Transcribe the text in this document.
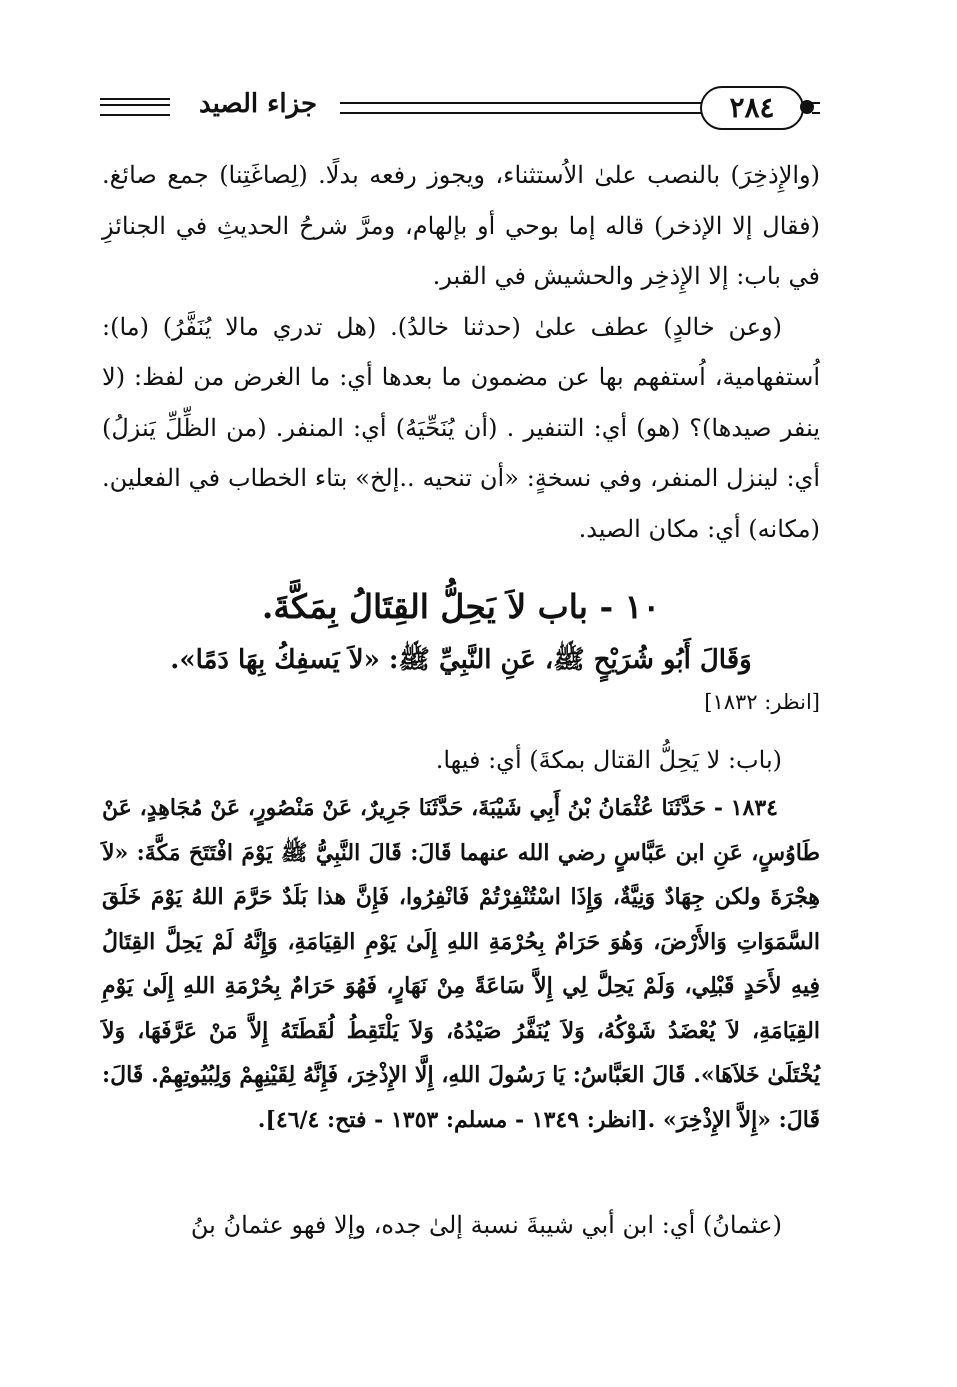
جزاء الصيد	٢٨٤

(والإِذخِرَ) بالنصب علىٰ الاُستثناء، ويجوز رفعه بدلًا. (لِصاغَتِنا) جمع صائغ. (فقال إلا الإذخر) قاله إما بوحي أو بإلهام، ومرَّ شرحُ الحديثِ في الجنائزِ في باب: إلا الإِذخِر والحشيش في القبر.

(وعن خالدٍ) عطف علىٰ (حدثنا خالدُ). (هل تدري مالا يُنَفَّرُ) (ما): اُستفهامية، اُستفهم بها عن مضمون ما بعدها أي: ما الغرض من لفظ: (لا ينفر صيدها)؟ (هو) أي: التنفير . (أن يُنَحِّيَهُ) أي: المنفر. (من الظِّلِّ يَنزلُ) أي: لينزل المنفر، وفي نسخةٍ: «أن تنحيه ..إلخ» بتاء الخطاب في الفعلين. (مكانه) أي: مكان الصيد.

١٠ - باب لاَ يَحِلُّ القِتَالُ بِمَكَّةَ.
وَقَالَ أَبُو شُرَيْحٍ ﷺ، عَنِ النَّبِيِّ ﷺ: «لاَ يَسفِكُ بِهَا دَمًا».
[انظر: ١٨٣٢]
(باب: لا يَحِلُّ القتال بمكةَ) أي: فيها.

١٨٣٤ - حَدَّثَنَا عُثْمَانُ بْنُ أَبِي شَيْبَةَ، حَدَّثَنَا جَرِيرٌ، عَنْ مَنْصُورٍ، عَنْ مُجَاهِدٍ، عَنْ طَاوُسٍ، عَنِ ابن عَبَّاسٍ رضي الله عنهما قَالَ: قَالَ النَّبِيُّ ﷺ يَوْمَ افْتَتَحَ مَكَّةَ: «لاَ هِجْرَةَ ولكن جِهَادٌ وَنِيَّةٌ، وَإِذَا اسْتُنْفِرْتُمْ فَانْفِرُوا، فَإِنَّ هذا بَلَدٌ حَرَّمَ اللهُ يَوْمَ خَلَقَ السَّمَوَاتِ وَالأَرْضَ، وَهُوَ حَرَامٌ بِحُرْمَةِ اللهِ إِلَىٰ يَوْمِ القِيَامَةِ، وَإِنَّهُ لَمْ يَحِلَّ القِتَالُ فِيهِ لأَحَدٍ قَبْلِي، وَلَمْ يَحِلَّ لِي إِلاَّ سَاعَةً مِنْ نَهَارٍ، فَهُوَ حَرَامٌ بِحُرْمَةِ اللهِ إِلَىٰ يَوْمِ القِيَامَةِ، لاَ يُعْضَدُ شَوْكُهُ، وَلاَ يُنَفَّرُ صَيْدُهُ، وَلاَ يَلْتَقِطُ لُقَطَتَهُ إِلاَّ مَنْ عَرَّفَهَا، وَلاَ يُخْتَلَىٰ خَلاَهَا». قَالَ العَبَّاسُ: يَا رَسُولَ اللهِ، إِلَّا الإِذْخِرَ، فَإِنَّهُ لِقَيْنِهِمْ وَلِبُيُوتِهِمْ. قَالَ: قَالَ: «إِلاَّ الإِذْخِرَ» .[انظر: ١٣٤٩ - مسلم: ١٣٥٣ - فتح: ٤٦/٤].

(عثمانُ) أي: ابن أبي شيبةَ نسبة إلىٰ جده، وإلا فهو عثمانُ بنُ
